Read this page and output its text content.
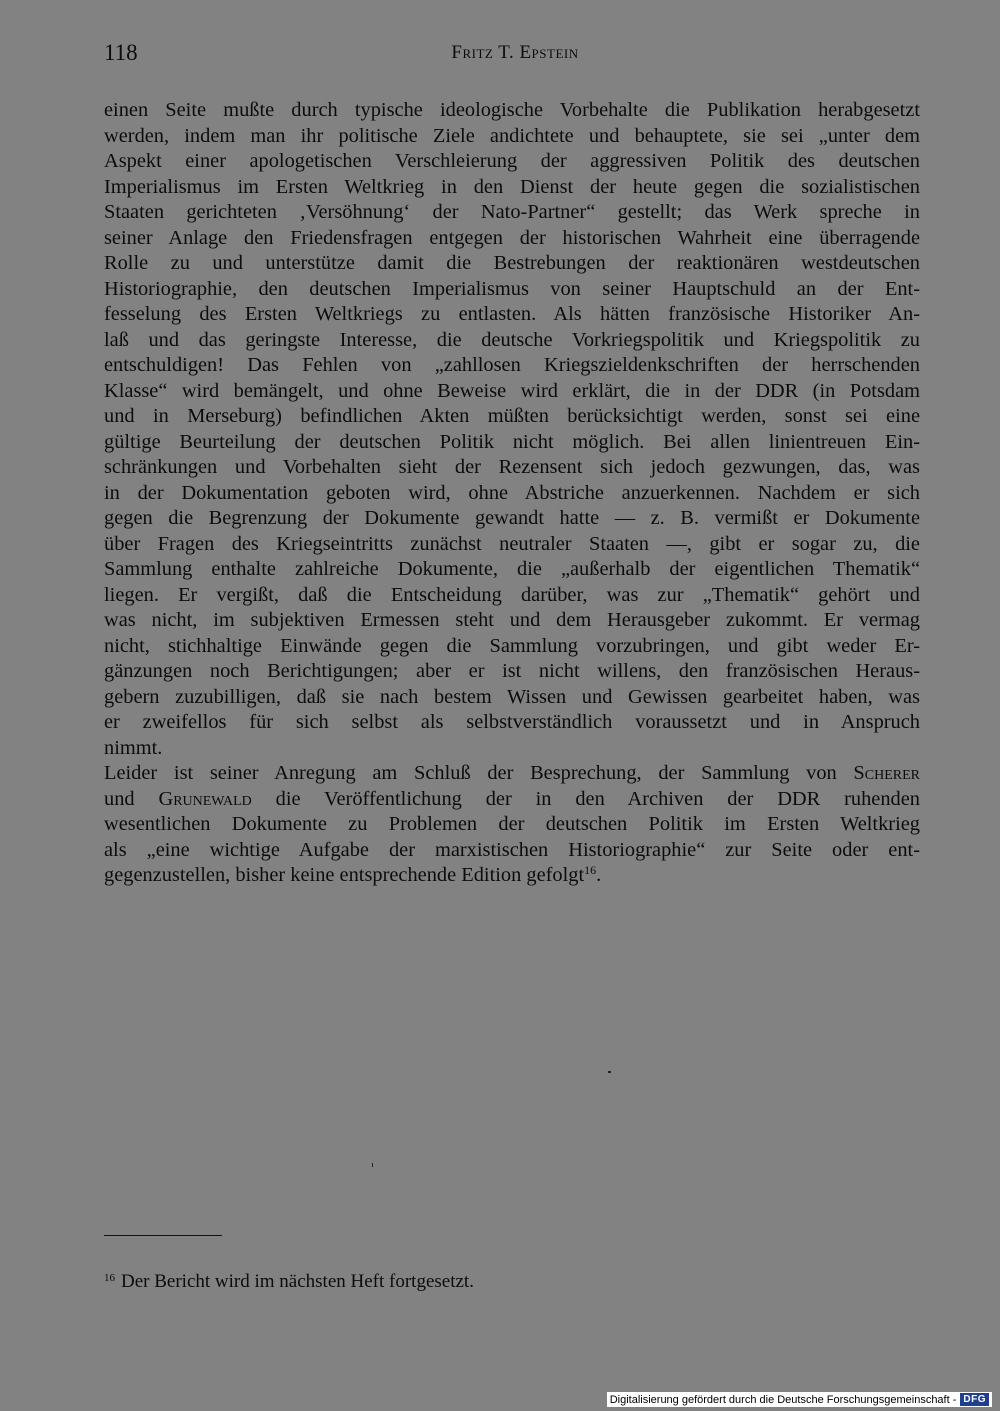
118	Fritz T. Epstein
einen Seite mußte durch typische ideologische Vorbehalte die Publikation herabgesetzt
werden, indem man ihr politische Ziele andichtete und behauptete, sie sei „unter dem
Aspekt einer apologetischen Verschleierung der aggressiven Politik des deutschen
Imperialismus im Ersten Weltkrieg in den Dienst der heute gegen die sozialistischen
Staaten gerichteten ‚Versöhnung‘ der Nato-Partner“ gestellt; das Werk spreche in
seiner Anlage den Friedensfragen entgegen der historischen Wahrheit eine überragende
Rolle zu und unterstütze damit die Bestrebungen der reaktionären westdeutschen
Historiographie, den deutschen Imperialismus von seiner Hauptschuld an der Ent-
fesselung des Ersten Weltkriegs zu entlasten. Als hätten französische Historiker An-
laß und das geringste Interesse, die deutsche Vorkriegspolitik und Kriegspolitik zu
entschuldigen! Das Fehlen von „zahllosen Kriegszieldenkschriften der herrschenden
Klasse“ wird bemängelt, und ohne Beweise wird erklärt, die in der DDR (in Potsdam
und in Merseburg) befindlichen Akten müßten berücksichtigt werden, sonst sei eine
gültige Beurteilung der deutschen Politik nicht möglich. Bei allen linientreuen Ein-
schränkungen und Vorbehalten sieht der Rezensent sich jedoch gezwungen, das, was
in der Dokumentation geboten wird, ohne Abstriche anzuerkennen. Nachdem er sich
gegen die Begrenzung der Dokumente gewandt hatte — z. B. vermißt er Dokumente
über Fragen des Kriegseintritts zunächst neutraler Staaten —, gibt er sogar zu, die
Sammlung enthalte zahlreiche Dokumente, die „außerhalb der eigentlichen Thematik“
liegen. Er vergißt, daß die Entscheidung darüber, was zur „Thematik“ gehört und
was nicht, im subjektiven Ermessen steht und dem Herausgeber zukommt. Er vermag
nicht, stichhaltige Einwände gegen die Sammlung vorzubringen, und gibt weder Er-
gänzungen noch Berichtigungen; aber er ist nicht willens, den französischen Heraus-
gebern zuzubilligen, daß sie nach bestem Wissen und Gewissen gearbeitet haben, was
er zweifellos für sich selbst als selbstverständlich voraussetzt und in Anspruch
nimmt.
Leider ist seiner Anregung am Schluß der Besprechung, der Sammlung von Scherer
und Grunewald die Veröffentlichung der in den Archiven der DDR ruhenden
wesentlichen Dokumente zu Problemen der deutschen Politik im Ersten Weltkrieg
als „eine wichtige Aufgabe der marxistischen Historiographie“ zur Seite oder ent-
gegenzustellen, bisher keine entsprechende Edition gefolgt$^{16}$.
$^{16}$ Der Bericht wird im nächsten Heft fortgesetzt.
Digitalisierung gefördert durch die Deutsche Forschungsgemeinschaft - DFG
